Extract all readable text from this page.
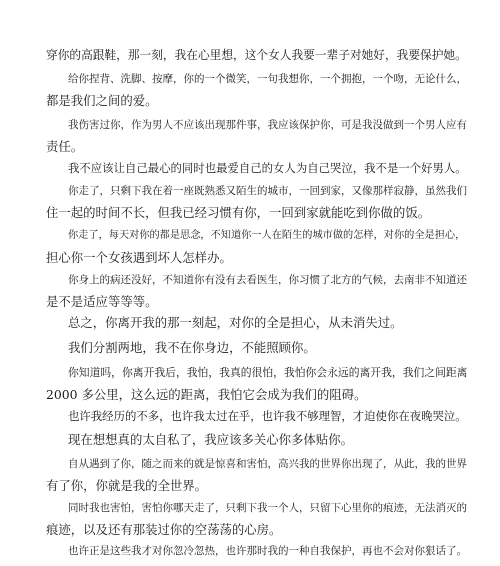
穿你的高跟鞋，那一刻，我在心里想，这个女人我要一辈子对她好，我要保护她。
给你捏背、洗脚、按摩，你的一个微笑，一句我想你，一个拥抱，一个吻，无论什么，
都是我们之间的爱。
我伤害过你，作为男人不应该出现那件事，我应该保护你，可是我没做到一个男人应有
责任。
我不应该让自己最心的同时也最爱自己的女人为自己哭泣，我不是一个好男人。
你走了，只剩下我在着一座既熟悉又陌生的城市，一回到家，又像那样寂静，虽然我们
住一起的时间不长，但我已经习惯有你，一回到家就能吃到你做的饭。
你走了，每天对你的都是思念，不知道你一人在陌生的城市做的怎样，对你的全是担心，
担心你一个女孩遇到坏人怎样办。
你身上的病还没好，不知道你有没有去看医生，你习惯了北方的气候，去南非不知道还
是不是适应等等等。
总之，你离开我的那一刻起，对你的全是担心，从未消失过。
我们分割两地，我不在你身边，不能照顾你。
你知道吗，你离开我后，我怕，我真的很怕，我怕你会永远的离开我，我们之间距离
2000 多公里，这么远的距离，我怕它会成为我们的阻碍。
也许我经历的不多，也许我太过在乎，也许我不够理智，才迫使你在夜晚哭泣。
现在想想真的太自私了，我应该多关心你多体贴你。
自从遇到了你，随之而来的就是惊喜和害怕，高兴我的世界你出现了，从此，我的世界
有了你，你就是我的全世界。
同时我也害怕，害怕你哪天走了，只剩下我一个人，只留下心里你的痕迹，无法消灭的
痕迹，以及还有那装过你的空荡荡的心房。
也许正是这些我才对你忽冷忽热，也许那时我的一种自我保护，再也不会对你狠话了。
